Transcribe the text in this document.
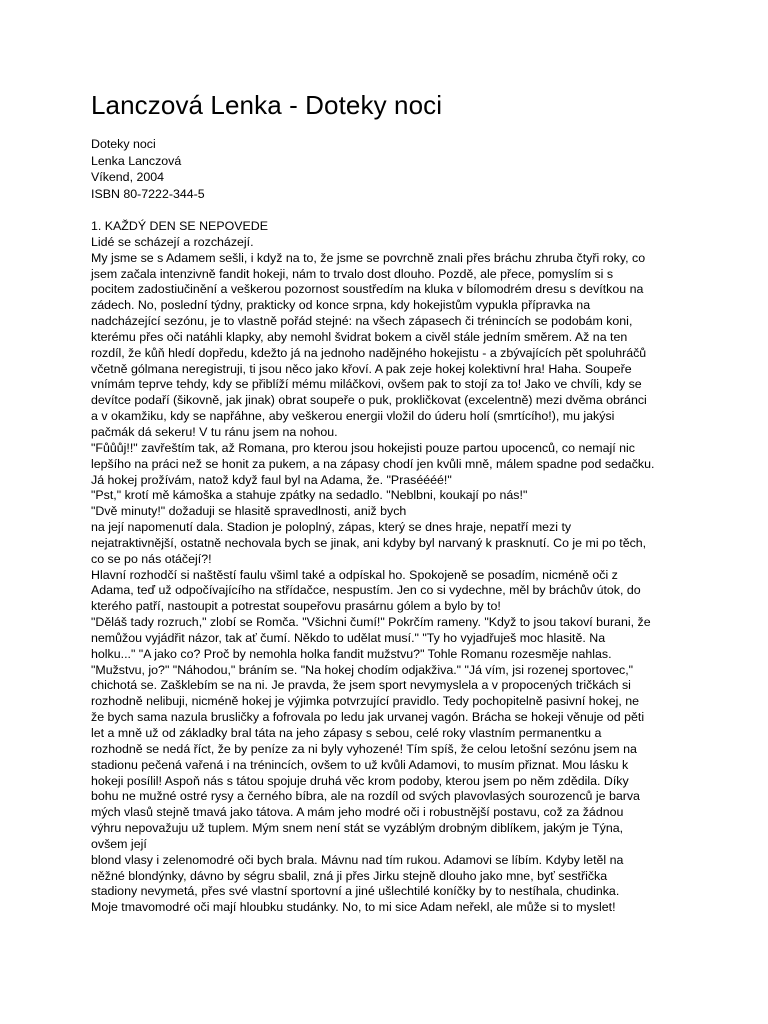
Lanczová Lenka - Doteky noci
Doteky noci
Lenka Lanczová
Víkend, 2004
ISBN 80-7222-344-5
1. KAŽDÝ DEN SE NEPOVEDE
Lidé se scházejí a rozcházejí.
My jsme se s Adamem sešli, i když na to, že jsme se povrchně znali přes bráchu zhruba čtyři roky, co
jsem začala intenzivně fandit hokeji, nám to trvalo dost dlouho. Pozdě, ale přece, pomyslím si s
pocitem zadostiučinění a veškerou pozornost soustředím na kluka v bílomodrém dresu s devítkou na
zádech. No, poslední týdny, prakticky od konce srpna, kdy hokejistům vypukla přípravka na
nadcházející sezónu, je to vlastně pořád stejné: na všech zápasech či trénincích se podobám koni,
kterému přes oči natáhli klapky, aby nemohl švidrat bokem a civěl stále jedním směrem. Až na ten
rozdíl, že kůň hledí dopředu, kdežto já na jednoho nadějného hokejistu - a zbývajících pět spoluhráčů
včetně gólmana neregistruji, ti jsou něco jako křoví. A pak zeje hokej kolektivní hra! Haha. Soupeře
vnímám teprve tehdy, kdy se přiblíží mému miláčkovi, ovšem pak to stojí za to! Jako ve chvíli, kdy se
devítce podaří (šikovně, jak jinak) obrat soupeře o puk, prokličkovat (excelentně) mezi dvěma obránci
a v okamžiku, kdy se napřáhne, aby veškerou energii vložil do úderu holí (smrtícího!), mu jakýsi
pačmák dá sekeru! V tu ránu jsem na nohou.
"Fůůůj!!" zavřeštím tak, až Romana, pro kterou jsou hokejisti pouze partou upocenců, co nemají nic
lepšího na práci než se honit za pukem, a na zápasy chodí jen kvůli mně, málem spadne pod sedačku.
Já hokej prožívám, natož když faul byl na Adama, že. "Praséééé!"
"Pst," krotí mě kámoška a stahuje zpátky na sedadlo. "Neblbni, koukají po nás!"
"Dvě minuty!" dožaduji se hlasitě spravedlnosti, aniž bych
na její napomenutí dala. Stadion je poloplný, zápas, který se dnes hraje, nepatří mezi ty
nejatraktivnější, ostatně nechovala bych se jinak, ani kdyby byl narvaný k prasknutí. Co je mi po těch,
co se po nás otáčejí?!
Hlavní rozhodčí si naštěstí faulu všiml také a odpískal ho. Spokojeně se posadím, nicméně oči z
Adama, teď už odpočívajícího na střídačce, nespustím. Jen co si vydechne, měl by bráchův útok, do
kterého patří, nastoupit a potrestat soupeřovu prasárnu gólem a bylo by to!
"Děláš tady rozruch," zlobí se Romča. "Všichni čumí!" Pokrčím rameny. "Když to jsou takoví burani, že
nemůžou vyjádřit názor, tak ať čumí. Někdo to udělat musí." "Ty ho vyjadřuješ moc hlasitě. Na
holku..." "A jako co? Proč by nemohla holka fandit mužstvu?" Tohle Romanu rozesměje nahlas.
"Mužstvu, jo?" "Náhodou," bráním se. "Na hokej chodím odjakživa." "Já vím, jsi rozenej sportovec,"
chichotá se. Zašklebím se na ni. Je pravda, že jsem sport nevymyslela a v propocených tričkách si
rozhodně nelibuji, nicméně hokej je výjimka potvrzující pravidlo. Tedy pochopitelně pasivní hokej, ne
že bych sama nazula brusličky a fofrovala po ledu jak urvanej vagón. Brácha se hokeji věnuje od pěti
let a mně už od základky bral táta na jeho zápasy s sebou, celé roky vlastním permanentku a
rozhodně se nedá říct, že by peníze za ni byly vyhozené! Tím spíš, že celou letošní sezónu jsem na
stadionu pečená vařená i na trénincích, ovšem to už kvůli Adamovi, to musím přiznat. Mou lásku k
hokeji posílil! Aspoň nás s tátou spojuje druhá věc krom podoby, kterou jsem po něm zdědila. Díky
bohu ne mužné ostré rysy a černého bíbra, ale na rozdíl od svých plavovlasých sourozenců je barva
mých vlasů stejně tmavá jako tátova. A mám jeho modré oči i robustnější postavu, což za žádnou
výhru nepovažuju už tuplem. Mým snem není stát se vyzáblým drobným diblíkem, jakým je Týna,
ovšem její
blond vlasy i zelenomodré oči bych brala. Mávnu nad tím rukou. Adamovi se líbím. Kdyby letěl na
něžné blondýnky, dávno by ségru sbalil, zná ji přes Jirku stejně dlouho jako mne, byť sestřička
stadiony nevymetá, přes své vlastní sportovní a jiné ušlechtilé koníčky by to nestíhala, chudinka.
Moje tmavomodré oči mají hloubku studánky. No, to mi sice Adam neřekl, ale může si to myslet!
